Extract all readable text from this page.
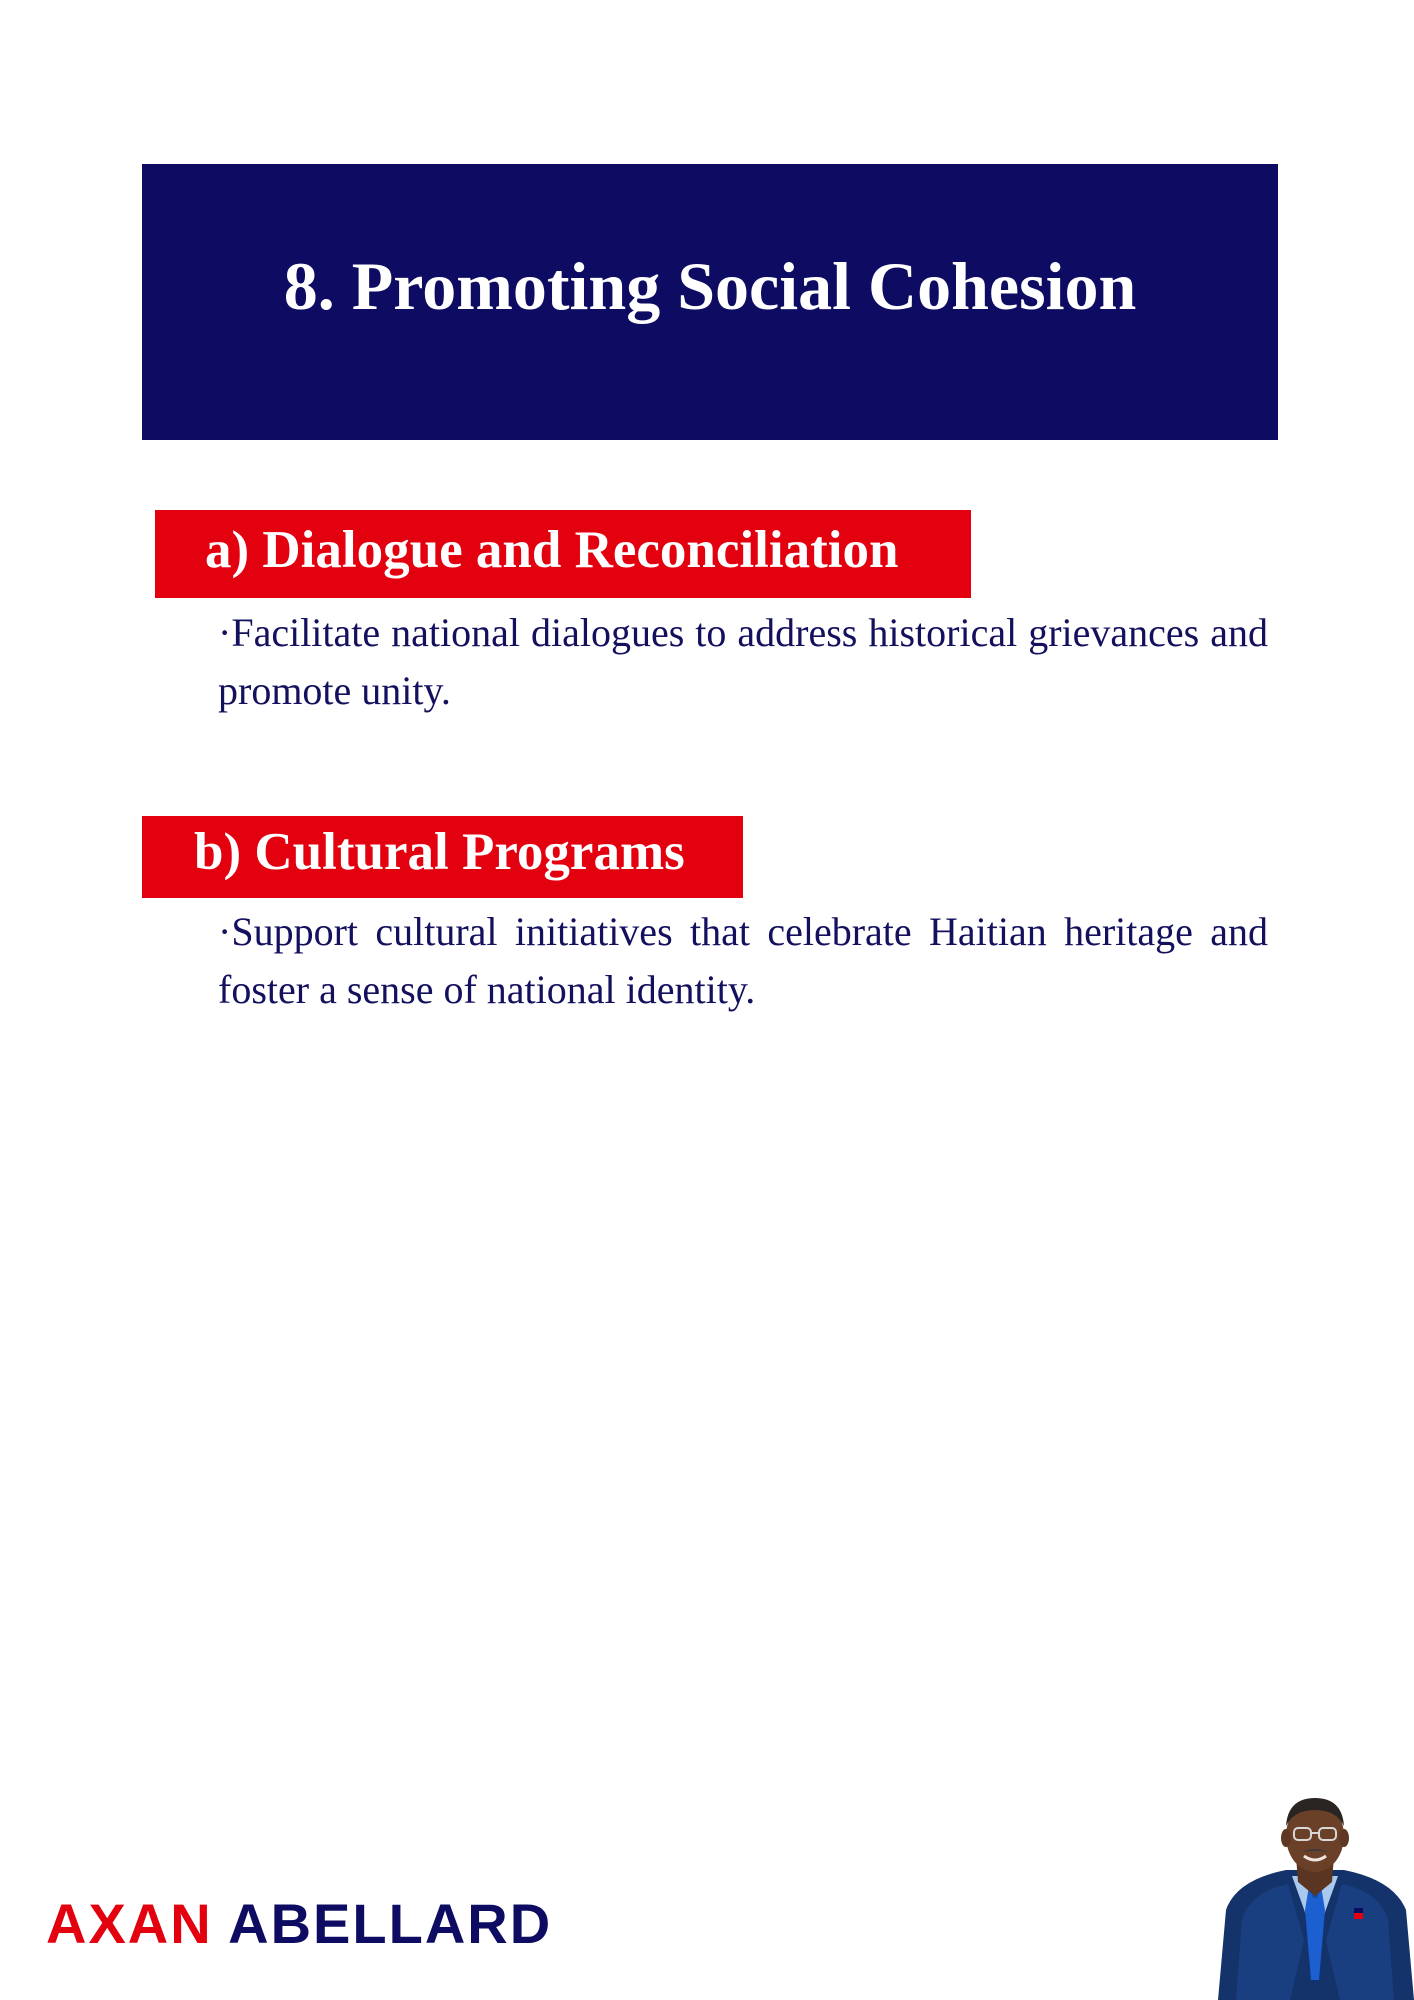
8. Promoting Social Cohesion
a) Dialogue and Reconciliation

·Facilitate national dialogues to address historical grievances and promote unity.

b) Cultural Programs

·Support cultural initiatives that celebrate Haitian heritage and foster a sense of national identity.

AXAN ABELLARD
